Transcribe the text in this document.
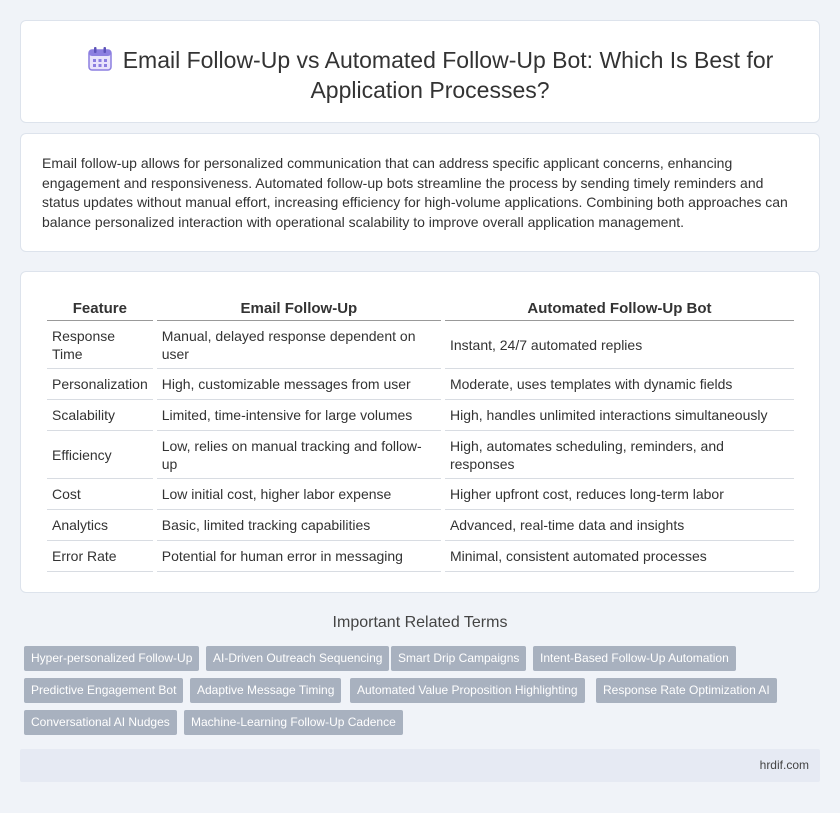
Email Follow-Up vs Automated Follow-Up Bot: Which Is Best for Application Processes?
Email follow-up allows for personalized communication that can address specific applicant concerns, enhancing engagement and responsiveness. Automated follow-up bots streamline the process by sending timely reminders and status updates without manual effort, increasing efficiency for high-volume applications. Combining both approaches can balance personalized interaction with operational scalability to improve overall application management.
Feature	Email Follow-Up	Automated Follow-Up Bot
Response Time	Manual, delayed response dependent on user	Instant, 24/7 automated replies
Personalization	High, customizable messages from user	Moderate, uses templates with dynamic fields
Scalability	Limited, time-intensive for large volumes	High, handles unlimited interactions simultaneously
Efficiency	Low, relies on manual tracking and follow-up	High, automates scheduling, reminders, and responses
Cost	Low initial cost, higher labor expense	Higher upfront cost, reduces long-term labor
Analytics	Basic, limited tracking capabilities	Advanced, real-time data and insights
Error Rate	Potential for human error in messaging	Minimal, consistent automated processes
Important Related Terms
Hyper-personalized Follow-Up	AI-Driven Outreach Sequencing	Smart Drip Campaigns	Intent-Based Follow-Up Automation
Predictive Engagement Bot	Adaptive Message Timing	Automated Value Proposition Highlighting	Response Rate Optimization AI
Conversational AI Nudges	Machine-Learning Follow-Up Cadence
hrdif.com
